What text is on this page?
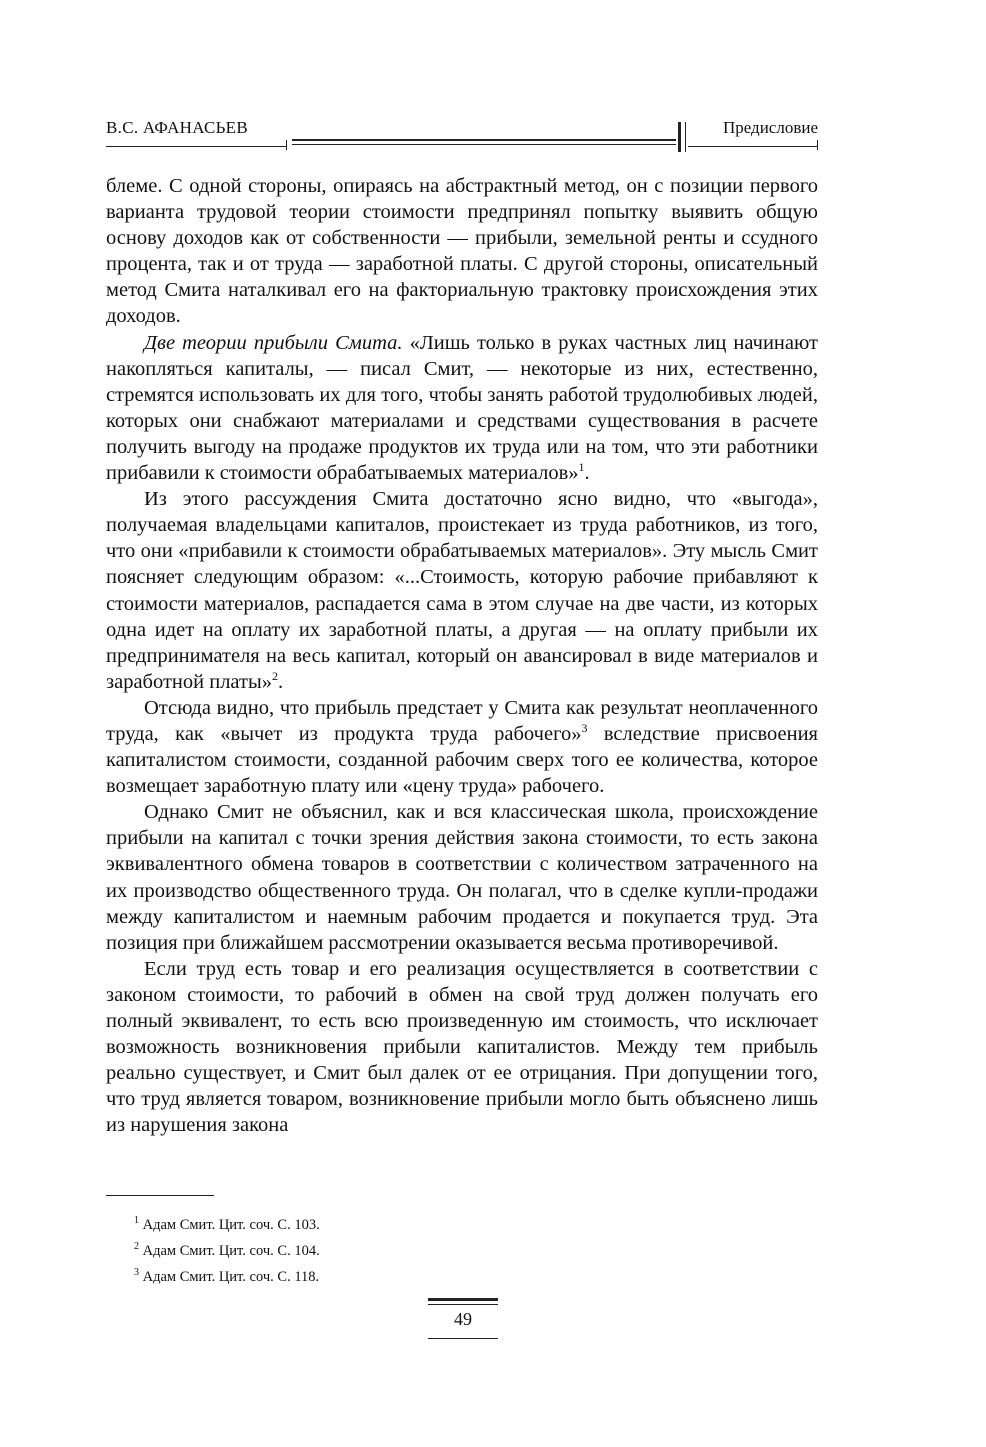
В.С. АФАНАСЬЕВ	Предисловие

блеме. С одной стороны, опираясь на абстрактный метод, он с позиции первого варианта трудовой теории стоимости предпринял попытку выявить общую основу доходов как от собственности — прибыли, земельной ренты и ссудного процента, так и от труда — заработной платы. С другой стороны, описательный метод Смита наталкивал его на факториальную трактовку происхождения этих доходов.

Две теории прибыли Смита. «Лишь только в руках частных лиц начинают накопляться капиталы, — писал Смит, — некоторые из них, естественно, стремятся использовать их для того, чтобы занять работой трудолюбивых людей, которых они снабжают материалами и средствами существования в расчете получить выгоду на продаже продуктов их труда или на том, что эти работники прибавили к стоимости обрабатываемых материалов»$^1$.

Из этого рассуждения Смита достаточно ясно видно, что «выгода», получаемая владельцами капиталов, проистекает из труда работников, из того, что они «прибавили к стоимости обрабатываемых материалов». Эту мысль Смит поясняет следующим образом: «...Стоимость, которую рабочие прибавляют к стоимости материалов, распадается сама в этом случае на две части, из которых одна идет на оплату их заработной платы, а другая — на оплату прибыли их предпринимателя на весь капитал, который он авансировал в виде материалов и заработной платы»$^2$.

Отсюда видно, что прибыль предстает у Смита как результат неоплаченного труда, как «вычет из продукта труда рабочего»$^3$ вследствие присвоения капиталистом стоимости, созданной рабочим сверх того ее количества, которое возмещает заработную плату или «цену труда» рабочего.

Однако Смит не объяснил, как и вся классическая школа, происхождение прибыли на капитал с точки зрения действия закона стоимости, то есть закона эквивалентного обмена товаров в соответствии с количеством затраченного на их производство общественного труда. Он полагал, что в сделке купли-продажи между капиталистом и наемным рабочим продается и покупается труд. Эта позиция при ближайшем рассмотрении оказывается весьма противоречивой.

Если труд есть товар и его реализация осуществляется в соответствии с законом стоимости, то рабочий в обмен на свой труд должен получать его полный эквивалент, то есть всю произведенную им стоимость, что исключает возможность возникновения прибыли капиталистов. Между тем прибыль реально существует, и Смит был далек от ее отрицания. При допущении того, что труд является товаром, возникновение прибыли могло быть объяснено лишь из нарушения закона

$^1$ Адам Смит. Цит. соч. С. 103.
$^2$ Адам Смит. Цит. соч. С. 104.
$^3$ Адам Смит. Цит. соч. С. 118.
49
